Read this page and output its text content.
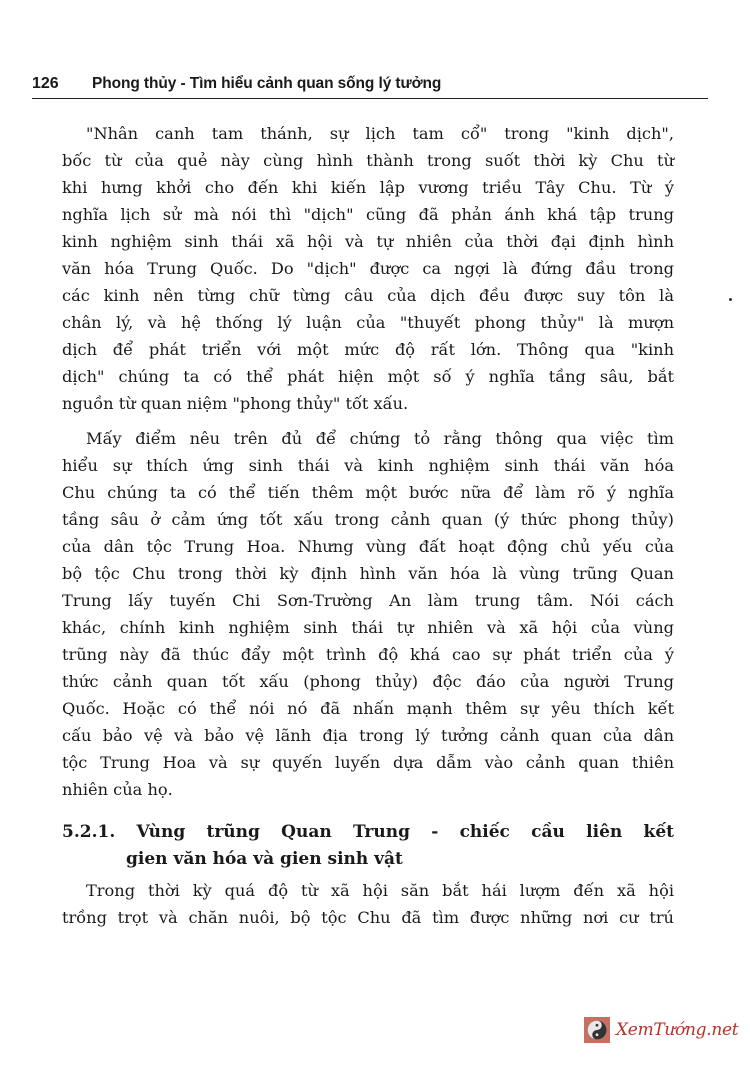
126 Phong thủy - Tìm hiểu cảnh quan sống lý tưởng
"Nhân canh tam thánh, sự lịch tam cổ" trong "kinh dịch",
bốc từ của quẻ này cùng hình thành trong suốt thời kỳ Chu từ
khi hưng khởi cho đến khi kiến lập vương triều Tây Chu. Từ ý
nghĩa lịch sử mà nói thì "dịch" cũng đã phản ánh khá tập trung
kinh nghiệm sinh thái xã hội và tự nhiên của thời đại định hình
văn hóa Trung Quốc. Do "dịch" được ca ngợi là đứng đầu trong
các kinh nên từng chữ từng câu của dịch đều được suy tôn là
chân lý, và hệ thống lý luận của "thuyết phong thủy" là mượn
dịch để phát triển với một mức độ rất lớn. Thông qua "kinh
dịch" chúng ta có thể phát hiện một số ý nghĩa tầng sâu, bắt
nguồn từ quan niệm "phong thủy" tốt xấu.
Mấy điểm nêu trên đủ để chứng tỏ rằng thông qua việc tìm
hiểu sự thích ứng sinh thái và kinh nghiệm sinh thái văn hóa
Chu chúng ta có thể tiến thêm một bước nữa để làm rõ ý nghĩa
tầng sâu ở cảm ứng tốt xấu trong cảnh quan (ý thức phong thủy)
của dân tộc Trung Hoa. Nhưng vùng đất hoạt động chủ yếu của
bộ tộc Chu trong thời kỳ định hình văn hóa là vùng trũng Quan
Trung lấy tuyến Chi Sơn-Trường An làm trung tâm. Nói cách
khác, chính kinh nghiệm sinh thái tự nhiên và xã hội của vùng
trũng này đã thúc đẩy một trình độ khá cao sự phát triển của ý
thức cảnh quan tốt xấu (phong thủy) độc đáo của người Trung
Quốc. Hoặc có thể nói nó đã nhấn mạnh thêm sự yêu thích kết
cấu bảo vệ và bảo vệ lãnh địa trong lý tưởng cảnh quan của dân
tộc Trung Hoa và sự quyến luyến dựa dẫm vào cảnh quan thiên
nhiên của họ.
5.2.1. Vùng trũng Quan Trung - chiếc cầu liên kết
gien văn hóa và gien sinh vật
Trong thời kỳ quá độ từ xã hội săn bắt hái lượm đến xã hội
trồng trọt và chăn nuôi, bộ tộc Chu đã tìm được những nơi cư trú
XemTướng.net
